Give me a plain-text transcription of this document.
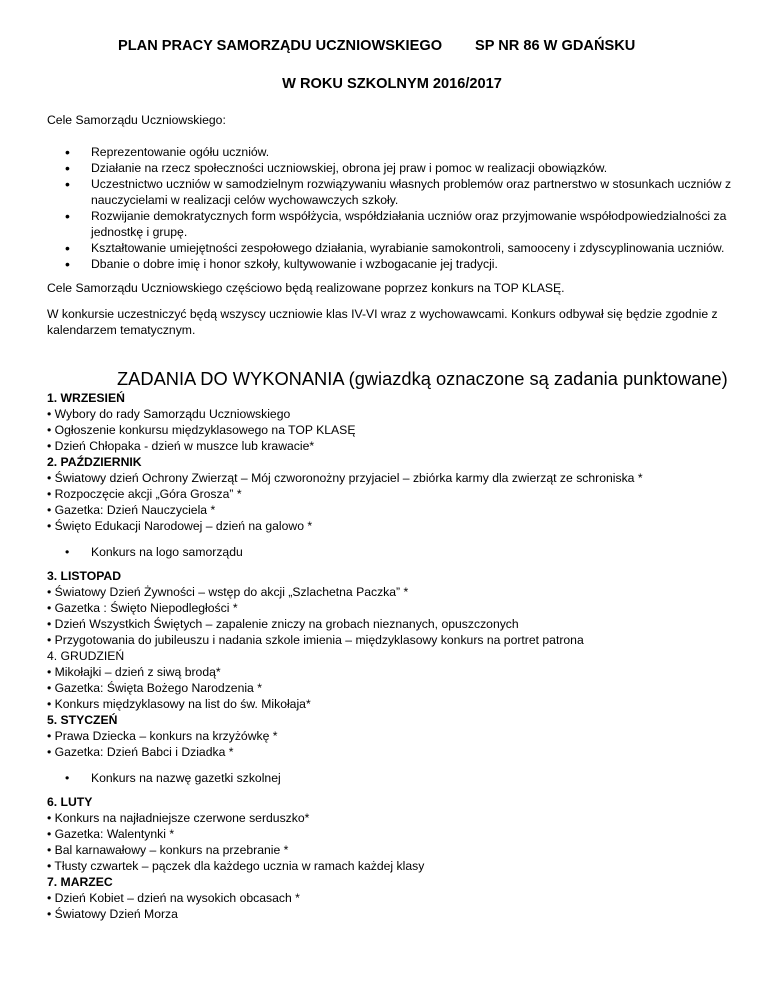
PLAN PRACY SAMORZĄDU UCZNIOWSKIEGO SP NR 86 W GDAŃSKU
W ROKU SZKOLNYM 2016/2017

Cele Samorządu Uczniowskiego:

• Reprezentowanie ogółu uczniów.
• Działanie na rzecz społeczności uczniowskiej, obrona jej praw i pomoc w realizacji obowiązków.
• Uczestnictwo uczniów w samodzielnym rozwiązywaniu własnych problemów oraz partnerstwo w stosunkach uczniów z nauczycielami w realizacji celów wychowawczych szkoły.
• Rozwijanie demokratycznych form współżycia, współdziałania uczniów oraz przyjmowanie współodpowiedzialności za jednostkę i grupę.
• Kształtowanie umiejętności zespołowego działania, wyrabianie samokontroli, samooceny i zdyscyplinowania uczniów.
• Dbanie o dobre imię i honor szkoły, kultywowanie i wzbogacanie jej tradycji.

Cele Samorządu Uczniowskiego częściowo będą realizowane poprzez konkurs na TOP KLASĘ.

W konkursie uczestniczyć będą wszyscy uczniowie klas IV-VI wraz z wychowawcami. Konkurs odbywał się będzie zgodnie z kalendarzem tematycznym.

ZADANIA DO WYKONANIA (gwiazdką oznaczone są zadania punktowane)
1. WRZESIEŃ
• Wybory do rady Samorządu Uczniowskiego
• Ogłoszenie konkursu międzyklasowego na TOP KLASĘ
• Dzień Chłopaka - dzień w muszce lub krawacie*
2. PAŹDZIERNIK
• Światowy dzień Ochrony Zwierząt – Mój czworonożny przyjaciel – zbiórka karmy dla zwierząt ze schroniska *
• Rozpoczęcie akcji „Góra Grosza” *
• Gazetka: Dzień Nauczyciela *
• Święto Edukacji Narodowej – dzień na galowo *
• Konkurs na logo samorządu
3. LISTOPAD
• Światowy Dzień Żywności – wstęp do akcji „Szlachetna Paczka” *
• Gazetka : Święto Niepodległości *
• Dzień Wszystkich Świętych – zapalenie zniczy na grobach nieznanych, opuszczonych
• Przygotowania do jubileuszu i nadania szkole imienia – międzyklasowy konkurs na portret patrona
4. GRUDZIEŃ
• Mikołajki – dzień z siwą brodą*
• Gazetka: Święta Bożego Narodzenia *
• Konkurs międzyklasowy na list do św. Mikołaja*
5. STYCZEŃ
• Prawa Dziecka – konkurs na krzyżówkę *
• Gazetka: Dzień Babci i Dziadka *
• Konkurs na nazwę gazetki szkolnej
6. LUTY
• Konkurs na najładniejsze czerwone serduszko*
• Gazetka: Walentynki *
• Bal karnawałowy – konkurs na przebranie *
• Tłusty czwartek – pączek dla każdego ucznia w ramach każdej klasy
7. MARZEC
• Dzień Kobiet – dzień na wysokich obcasach *
• Światowy Dzień Morza
